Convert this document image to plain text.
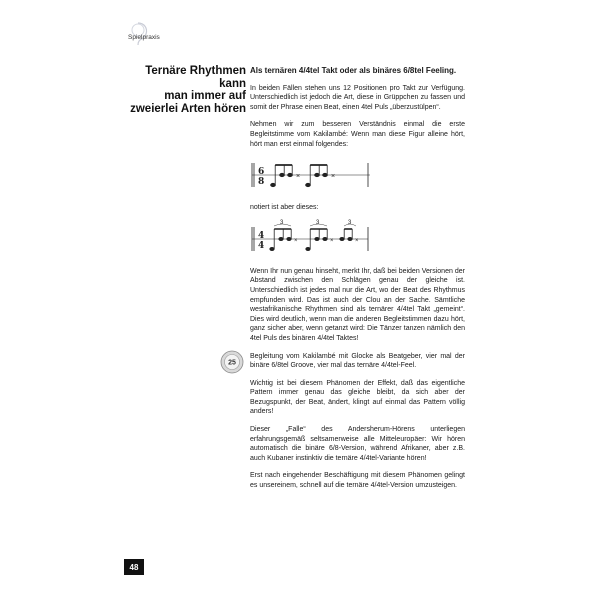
Spielpraxis
Ternäre Rhythmen kann
man immer auf
zweierlei Arten hören
Als ternären 4/4tel Takt oder als binäres 6/8tel Feeling.

In beiden Fällen stehen uns 12 Positionen pro Takt zur Verfügung. Unterschiedlich ist jedoch die Art, diese in Grüppchen zu fassen und somit der Phrase einen Beat, einen 4tel Puls „überzustülpen“.

Nehmen wir zum besseren Verständnis einmal die erste Begleitstimme vom Kakilambé: Wenn man diese Figur alleine hört, hört man erst einmal folgendes:

6
8
×	×

notiert ist aber dieses:

4
4	×	×	×
3	3	3

Wenn Ihr nun genau hinseht, merkt Ihr, daß bei beiden Versionen der Abstand zwischen den Schlägen genau der gleiche ist. Unterschiedlich ist jedes mal nur die Art, wo der Beat des Rhythmus empfunden wird. Das ist auch der Clou an der Sache. Sämtliche westafrikanische Rhythmen sind als ternärer 4/4tel Takt „gemeint“. Dies wird deutlich, wenn man die anderen Begleitstimmen dazu hört, ganz sicher aber, wenn getanzt wird: Die Tänzer tanzen nämlich den 4tel Puls des binären 4/4tel Taktes!

25

Begleitung vom Kakilambé mit Glocke als Beatgeber, vier mal der binäre 6/8tel Groove, vier mal das ternäre 4/4tel-Feel.

Wichtig ist bei diesem Phänomen der Effekt, daß das eigentliche Pattern immer genau das gleiche bleibt, da sich aber der Bezugspunkt, der Beat, ändert, klingt auf einmal das Pattern völlig anders!

Dieser „Falle“ des Andersherum-Hörens unterliegen erfahrungsgemäß seltsamerweise alle Mitteleuropäer: Wir hören automatisch die binäre 6/8-Version, während Afrikaner, aber z.B. auch Kubaner instinktiv die ternäre 4/4tel-Variante hören!

Erst nach eingehender Beschäftigung mit diesem Phänomen gelingt es unsereinem, schnell auf die ternäre 4/4tel-Version umzusteigen.

48
